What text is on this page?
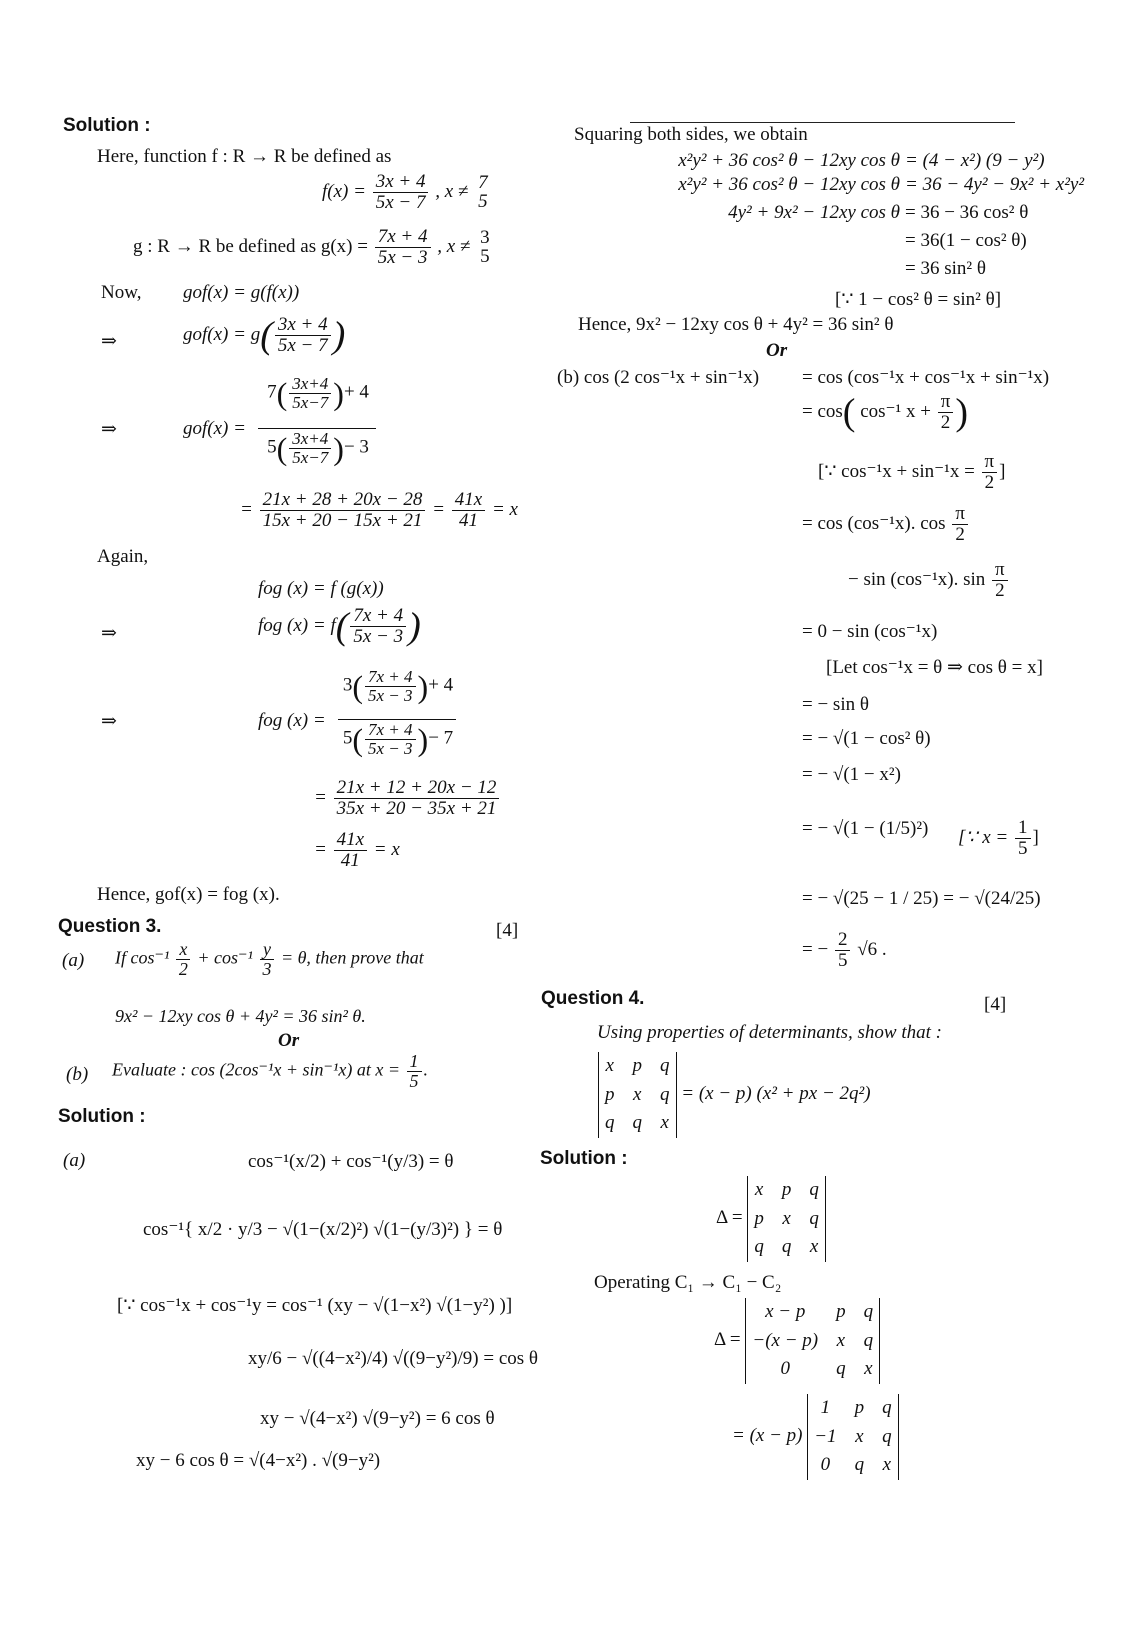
Solution :
Here, function f : R → R be defined as
$f(x) = \frac{3x + 4}{5x - 7}$ , x ≠ 7
5
g : R → R be defined as $g(x) = \frac{7x + 4}{5x - 3}$ , x ≠ 3
5
Now, gof(x) = g(f(x))
⇒	$gof(x) = g( \frac{3x + 4}{5x - 7}$ )
⇒	gof(x) =
$7( \frac{3x+4}{5x-7}$ )+ 4
$5( \frac{3x+4}{5x-7}$ )− 3
= $\frac{21x + 28 + 20x - 28}{15x + 20 - 15x + 21} = \frac{41x}{41} = x$
Again,
fog (x) = f (g(x))
⇒	fog $(x) = f( \frac{7x + 4}{5x - 3}$ )
⇒	fog (x) =
$3( \frac{7x + 4}{5x - 3}$ )+ 4
$5( \frac{7x + 4}{5x - 3}$ )− 7
= $\frac{21x + 12 + 20x - 12}{35x + 20 - 35x + 21}$
= $\frac{41x}{41} = x$
Hence, gof(x) = fog (x).
Question 3.	[4]
(a) If $\cos^{-1} \frac{x}{2} + \cos^{-1} \frac{y}{3} = \theta$, then prove that
9x² − 12xy cos θ + 4y² = 36 sin² θ.
Or
(b) Evaluate : cos (2cos⁻¹x + sin⁻¹x) at $x = \frac{1}{5}$ .
Solution :
(a)	cos⁻¹(x/2) + cos⁻¹(y/3) = θ
cos⁻¹{ x/2 · y/3 − √(1−(x/2)²) √(1−(y/3)²) } = θ
[∵ cos⁻¹x + cos⁻¹y = cos⁻¹ (xy − √(1−x²) √(1−y²) )]
xy/6 − √((4−x²)/4) √((9−y²)/9) = cos θ
xy − √(4−x²) √(9−y²) = 6 cos θ
xy − 6 cos θ = √(4−x²) . √(9−y²)
Squaring both sides, we obtain
x²y² + 36 cos² θ − 12xy cos θ = (4 − x²) (9 − y²)
x²y² + 36 cos² θ − 12xy cos θ = 36 − 4y² − 9x² + x²y²
4y² + 9x² − 12xy cos θ = 36 − 36 cos² θ
= 36(1 − cos² θ)
= 36 sin² θ
[∵ 1 − cos² θ = sin² θ]
Hence, 9x² − 12xy cos θ + 4y² = 36 sin² θ
Or
(b) cos (2 cos⁻¹x + sin⁻¹x) = cos (cos⁻¹x + cos⁻¹x + sin⁻¹x)
= cos( cos⁻¹ $x + \frac{\pi}{2}$ )
[∵ $\cos^{-1}x + \sin^{-1}x = \frac{\pi}{2}$ ]
= cos (cos⁻¹x). $\cos \frac{\pi}{2}$
− sin (cos⁻¹x). $\sin \frac{\pi}{2}$
= 0 − sin (cos⁻¹x)
[Let cos⁻¹x = θ ⇒ cos θ = x]
= − sin θ
= − √(1 − cos² θ)
= − √(1 − x²)
= − √(1 − (1/5)²) [∵ $x = \frac{1}{5}$ ]
= − √(25 − 1 / 25) = − √(24/25)
= − $\frac{2}{5} √6$ .
Question 4.	[4]
Using properties of determinants, show that :
x p q
p x q
q q x
= (x − p) (x² + px − 2q²)
Solution :
Δ =
x p q
p x q
q q x
Operating C₁ → C₁ − C₂
Δ =
x − p	p q
−(x − p) x q
0	q x
= (x − p)
1	p q
−1 x q
0	q x
